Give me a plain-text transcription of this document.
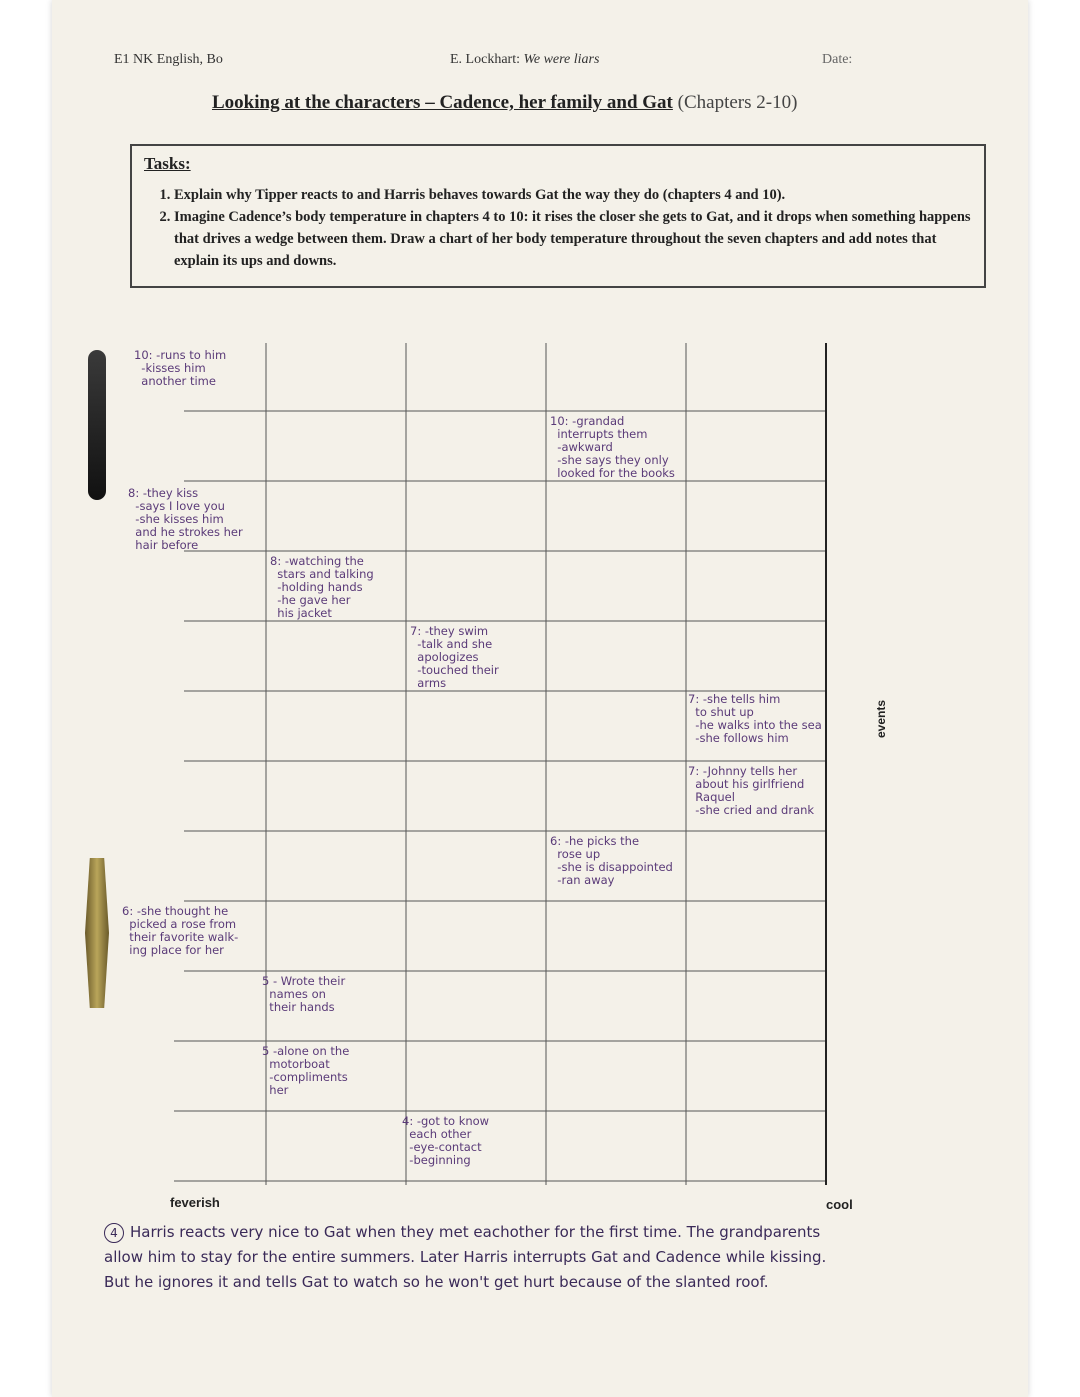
E1 NK English, Bo	E. Lockhart: We were liars	Date:
Looking at the characters – Cadence, her family and Gat (Chapters 2-10)
Tasks:
1. Explain why Tipper reacts to and Harris behaves towards Gat the way they do (chapters 4 and 10).
2. Imagine Cadence’s body temperature in chapters 4 to 10: it rises the closer she gets to Gat, and it drops when something happens that drives a wedge between them. Draw a chart of her body temperature throughout the seven chapters and add notes that explain its ups and downs.
10: -runs to him
-kisses him
another time
10: -grandad
interrupts them
-awkward
-she says they only
looked for the books
8: -they kiss
-says I love you
-she kisses him
and he strokes her
hair before
8: -watching the
stars and talking
-holding hands
-he gave her
his jacket
7: -they swim
-talk and she
apologizes
-touched their
arms
7: -she tells him
to shut up
-he walks into the sea
-she follows him
7: -Johnny tells her
about his girlfriend
Raquel
-she cried and drank
6: -he picks the
rose up
-she is disappointed
-ran away
6: -she thought he
picked a rose from
their favorite walk-
ing place for her
5 - Wrote their
names on
their hands
5 -alone on the
motorboat
-compliments
her
4: -got to know
each other
-eye-contact
-beginning
events
feverish	cool
4 Harris reacts very nice to Gat when they met eachother for the first time. The grandparents allow him to stay for the entire summers. Later Harris interrupts Gat and Cadence while kissing. But he ignores it and tells Gat to watch so he won't get hurt because of the slanted roof.
